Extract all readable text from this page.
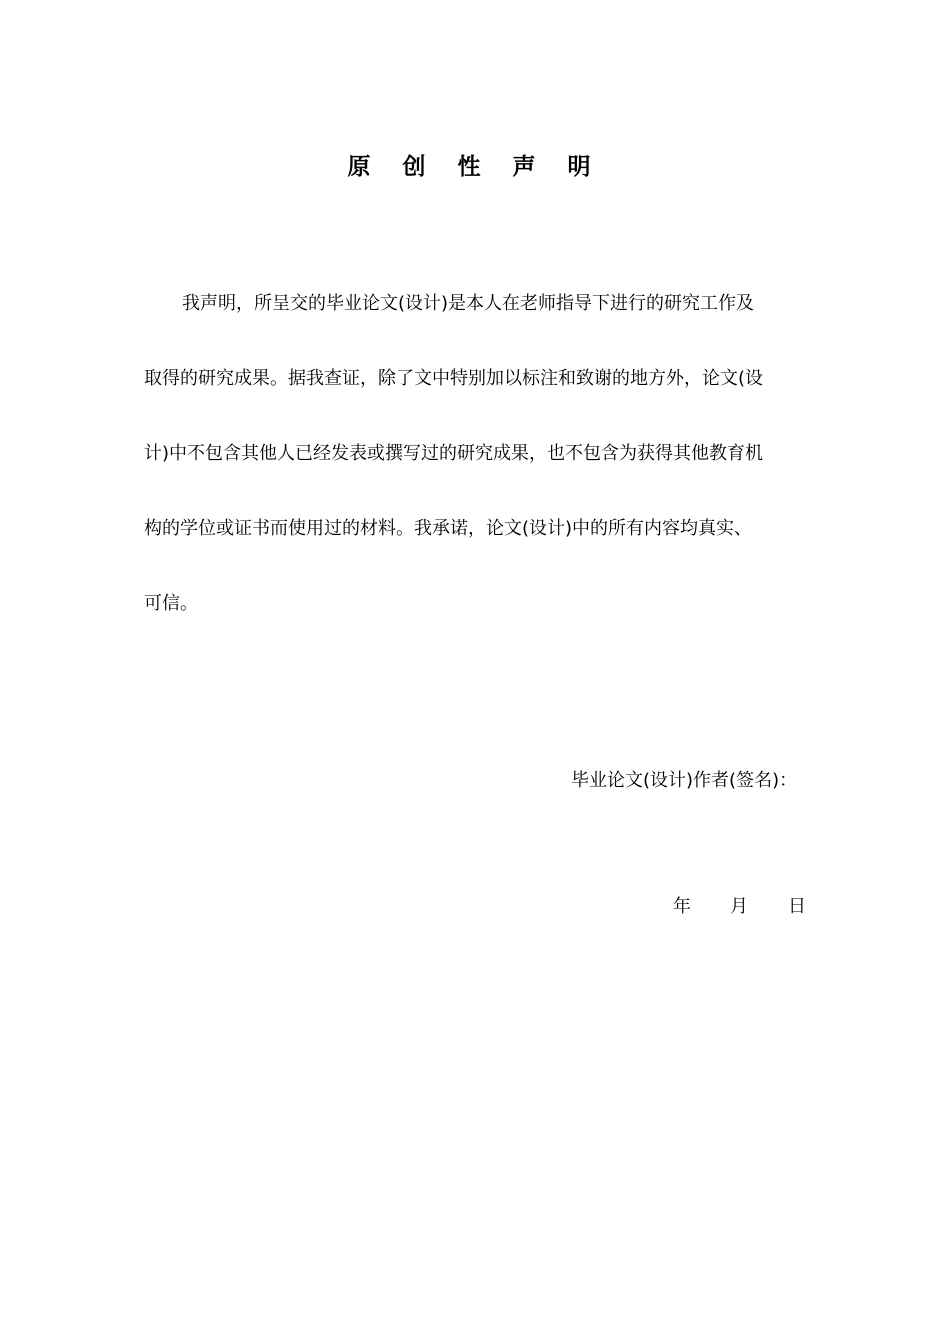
原 创 性 声 明
我声明，所呈交的毕业论文(设计)是本人在老师指导下进行的研究工作及
取得的研究成果。据我查证，除了文中特别加以标注和致谢的地方外，论文(设
计)中不包含其他人已经发表或撰写过的研究成果，也不包含为获得其他教育机
构的学位或证书而使用过的材料。我承诺，论文(设计)中的所有内容均真实、
可信。
毕业论文(设计)作者(签名)：
年 月 日
